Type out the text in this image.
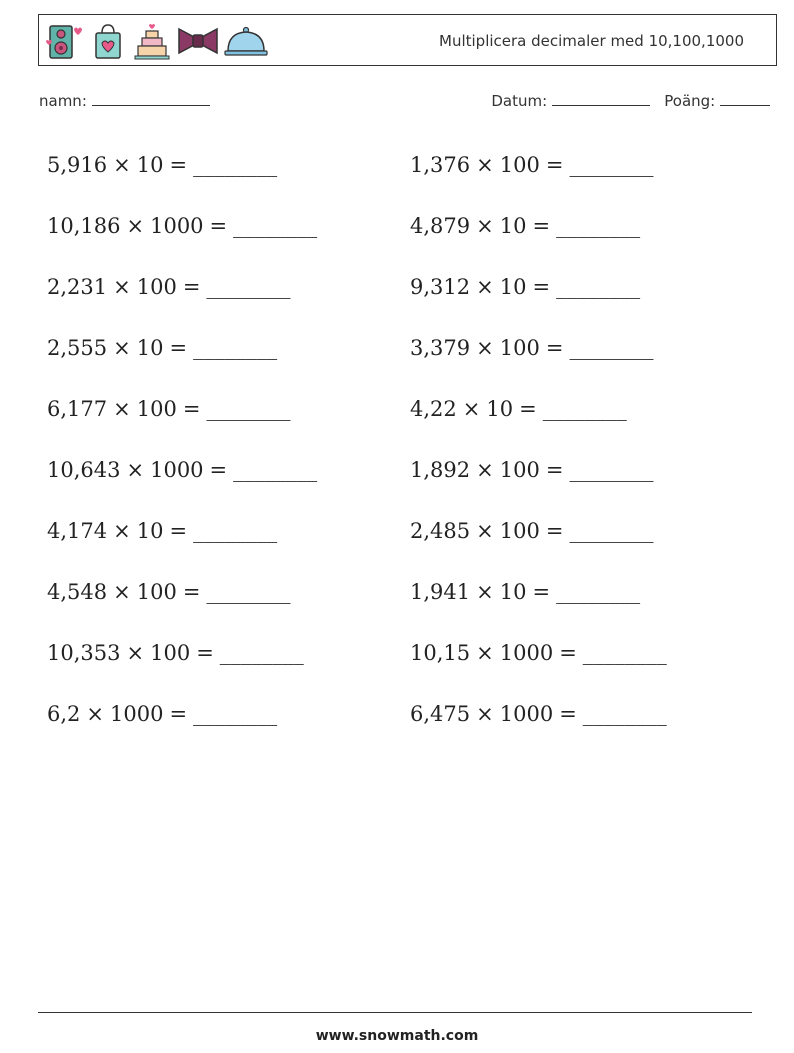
Multiplicera decimaler med 10,100,1000
namn:	Datum:	Poäng:
5,916 × 10 = ________
10,186 × 1000 = ________
2,231 × 100 = ________
2,555 × 10 = ________
6,177 × 100 = ________
10,643 × 1000 = ________
4,174 × 10 = ________
4,548 × 100 = ________
10,353 × 100 = ________
6,2 × 1000 = ________
1,376 × 100 = ________
4,879 × 10 = ________
9,312 × 10 = ________
3,379 × 100 = ________
4,22 × 10 = ________
1,892 × 100 = ________
2,485 × 100 = ________
1,941 × 10 = ________
10,15 × 1000 = ________
6,475 × 1000 = ________
www.snowmath.com
